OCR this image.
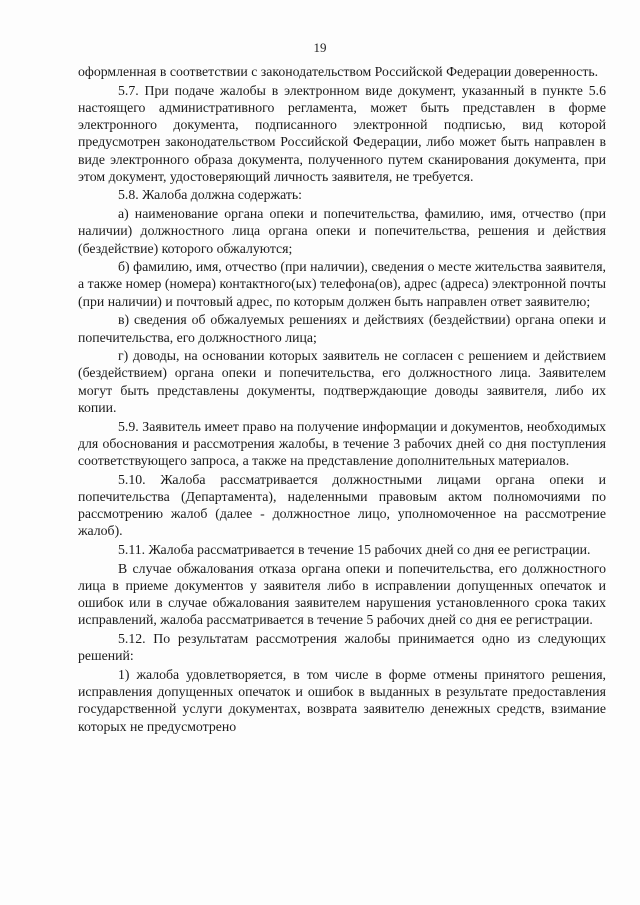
19

оформленная в соответствии с законодательством Российской Федерации доверенность.

5.7. При подаче жалобы в электронном виде документ, указанный в пункте 5.6 настоящего административного регламента, может быть представлен в форме электронного документа, подписанного электронной подписью, вид которой предусмотрен законодательством Российской Федерации, либо может быть направлен в виде электронного образа документа, полученного путем сканирования документа, при этом документ, удостоверяющий личность заявителя, не требуется.

5.8. Жалоба должна содержать:

а) наименование органа опеки и попечительства, фамилию, имя, отчество (при наличии) должностного лица органа опеки и попечительства, решения и действия (бездействие) которого обжалуются;

б) фамилию, имя, отчество (при наличии), сведения о месте жительства заявителя, а также номер (номера) контактного(ых) телефона(ов), адрес (адреса) электронной почты (при наличии) и почтовый адрес, по которым должен быть направлен ответ заявителю;

в) сведения об обжалуемых решениях и действиях (бездействии) органа опеки и попечительства, его должностного лица;

г) доводы, на основании которых заявитель не согласен с решением и действием (бездействием) органа опеки и попечительства, его должностного лица. Заявителем могут быть представлены документы, подтверждающие доводы заявителя, либо их копии.

5.9. Заявитель имеет право на получение информации и документов, необходимых для обоснования и рассмотрения жалобы, в течение 3 рабочих дней со дня поступления соответствующего запроса, а также на представление дополнительных материалов.

5.10. Жалоба рассматривается должностными лицами органа опеки и попечительства (Департамента), наделенными правовым актом полномочиями по рассмотрению жалоб (далее - должностное лицо, уполномоченное на рассмотрение жалоб).

5.11. Жалоба рассматривается в течение 15 рабочих дней со дня ее регистрации.

В случае обжалования отказа органа опеки и попечительства, его должностного лица в приеме документов у заявителя либо в исправлении допущенных опечаток и ошибок или в случае обжалования заявителем нарушения установленного срока таких исправлений, жалоба рассматривается в течение 5 рабочих дней со дня ее регистрации.

5.12. По результатам рассмотрения жалобы принимается одно из следующих решений:

1) жалоба удовлетворяется, в том числе в форме отмены принятого решения, исправления допущенных опечаток и ошибок в выданных в результате предоставления государственной услуги документах, возврата заявителю денежных средств, взимание которых не предусмотрено
